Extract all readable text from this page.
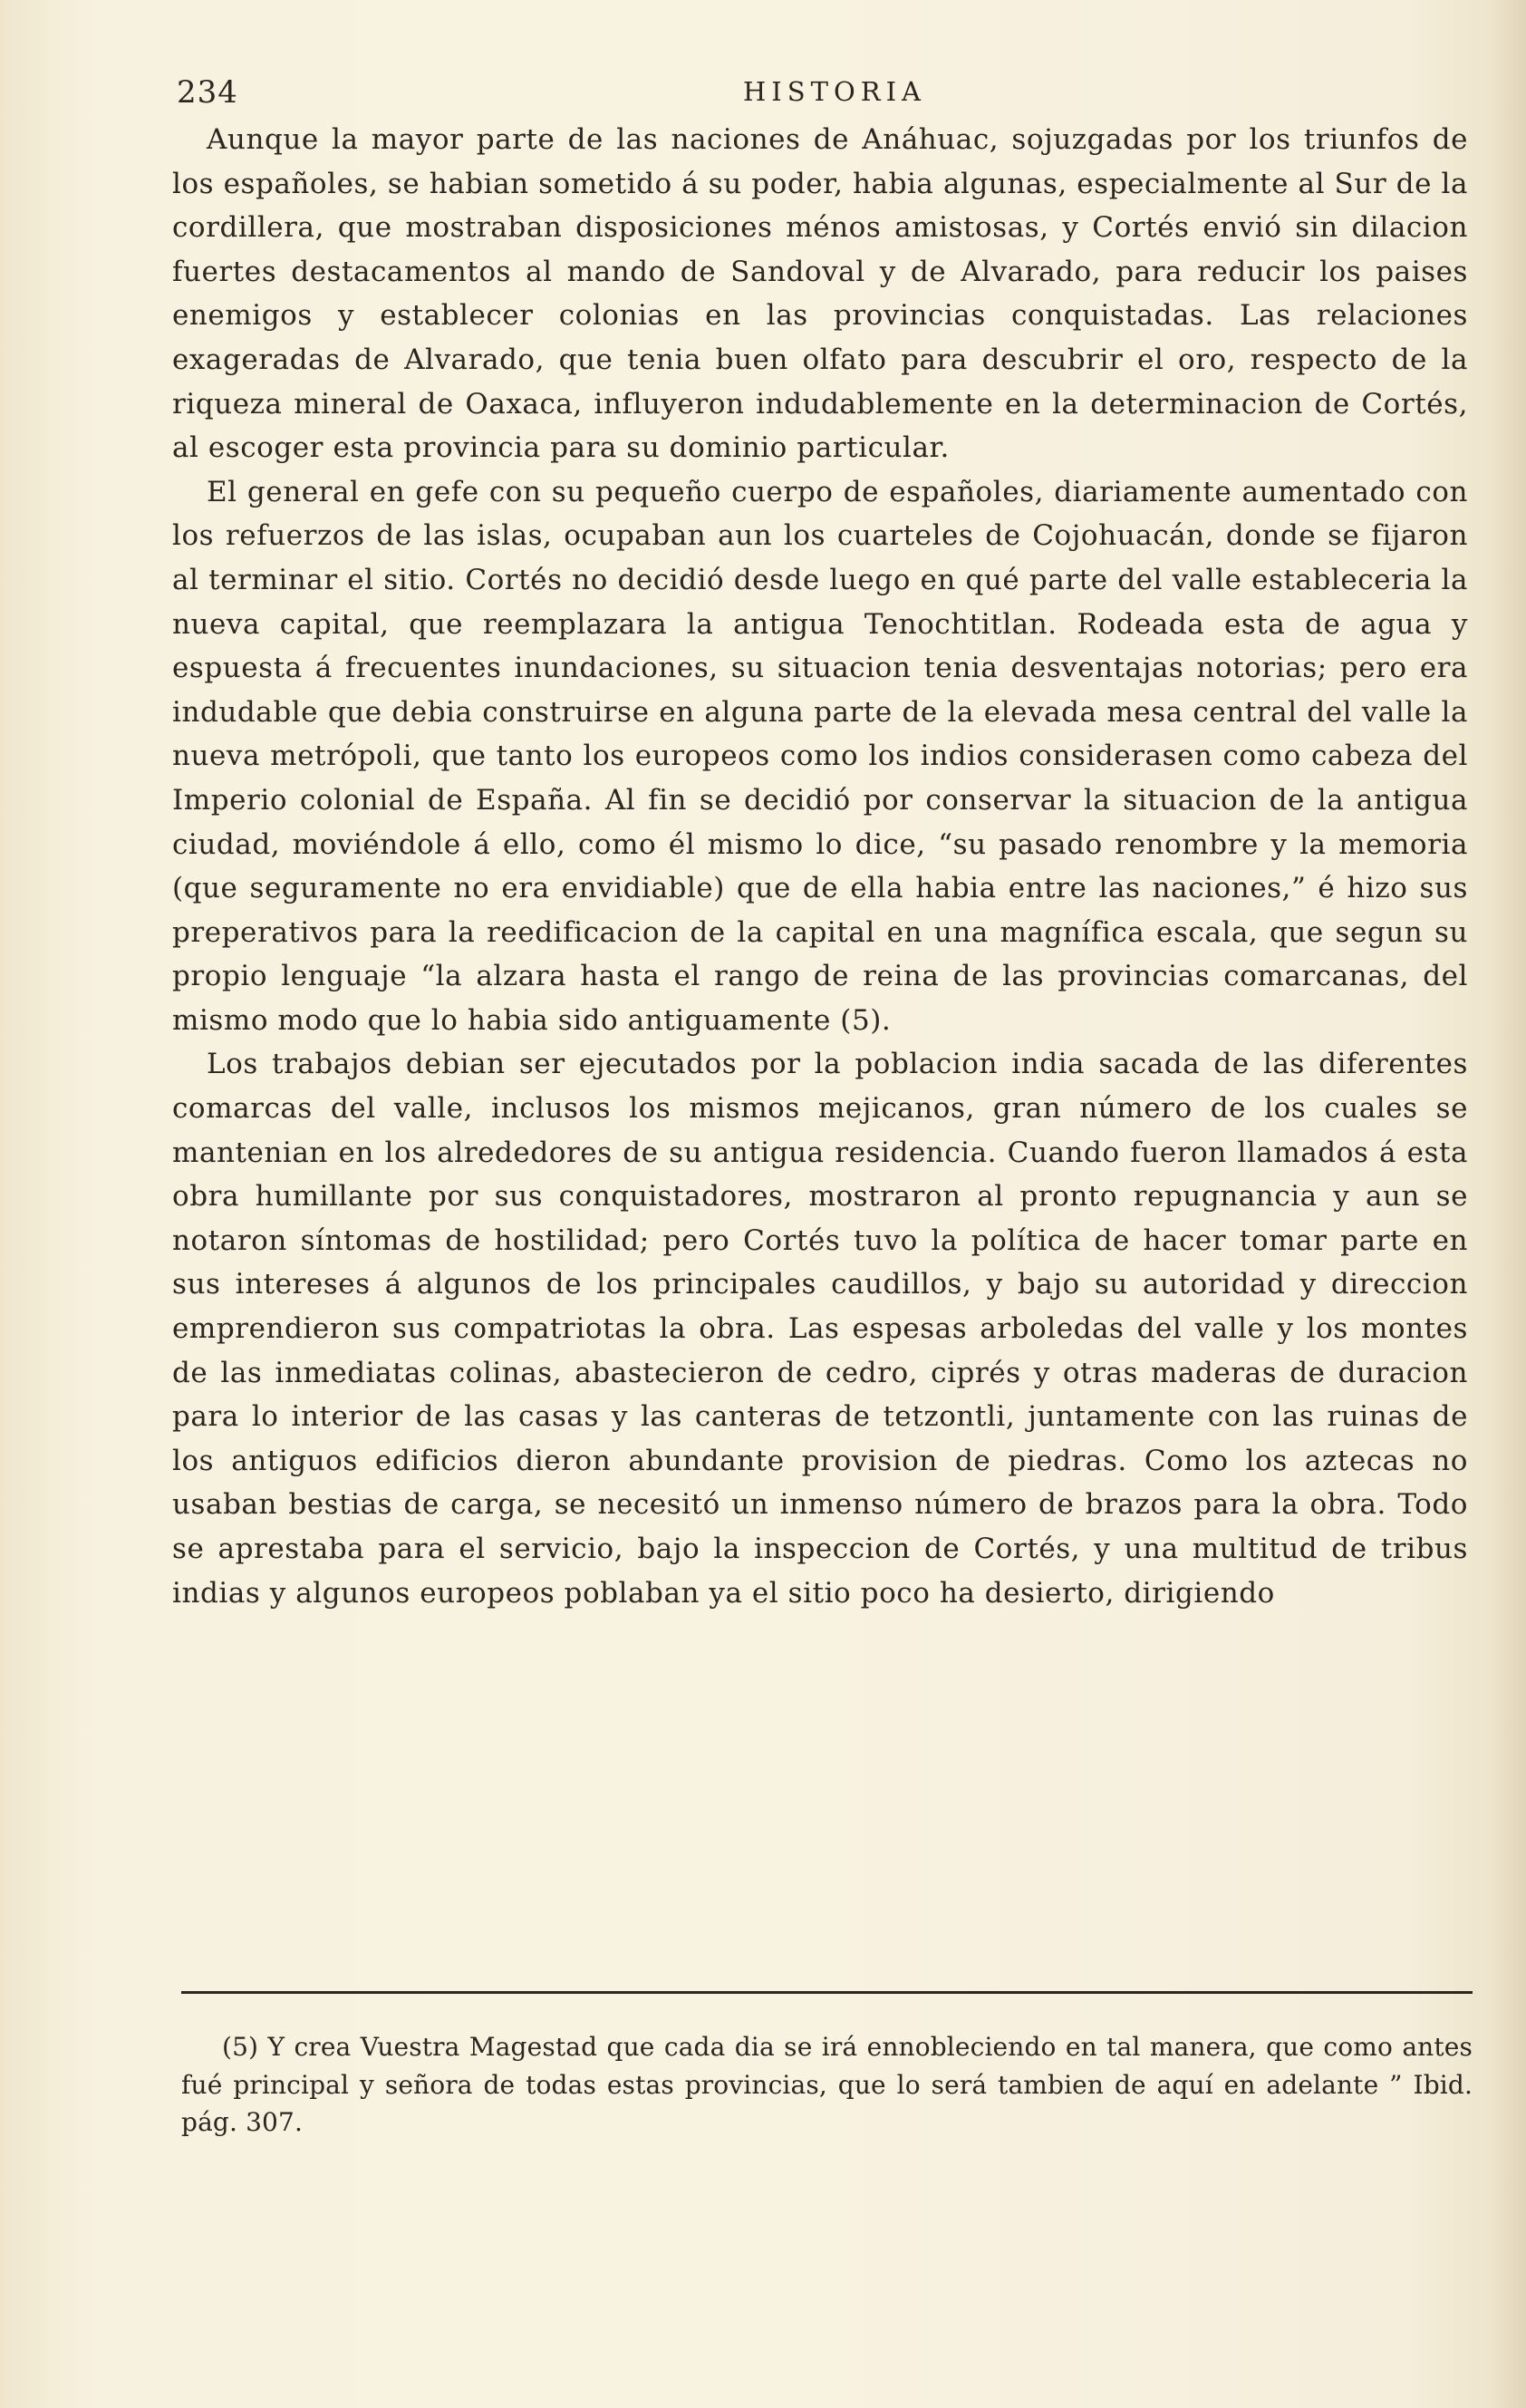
234	HISTORIA

Aunque la mayor parte de las naciones de Anáhuac, sojuzgadas por los triunfos de los españoles, se habian sometido á su poder, habia algunas, especialmente al Sur de la cordillera, que mostraban disposiciones ménos amistosas, y Cortés envió sin dilacion fuertes destacamentos al mando de Sandoval y de Alvarado, para reducir los paises enemigos y establecer colonias en las provincias conquistadas. Las relaciones exageradas de Alvarado, que tenia buen olfato para descubrir el oro, respecto de la riqueza mineral de Oaxaca, influyeron indudablemente en la determinacion de Cortés, al escoger esta provincia para su dominio particular.

El general en gefe con su pequeño cuerpo de españoles, diariamente aumentado con los refuerzos de las islas, ocupaban aun los cuarteles de Cojohuacán, donde se fijaron al terminar el sitio. Cortés no decidió desde luego en qué parte del valle estableceria la nueva capital, que reemplazara la antigua Tenochtitlan. Rodeada esta de agua y espuesta á frecuentes inundaciones, su situacion tenia desventajas notorias; pero era indudable que debia construirse en alguna parte de la elevada mesa central del valle la nueva metrópoli, que tanto los europeos como los indios considerasen como cabeza del Imperio colonial de España. Al fin se decidió por conservar la situacion de la antigua ciudad, moviéndole á ello, como él mismo lo dice, “su pasado renombre y la memoria (que seguramente no era envidiable) que de ella habia entre las naciones,” é hizo sus preperativos para la reedificacion de la capital en una magnífica escala, que segun su propio lenguaje “la alzara hasta el rango de reina de las provincias comarcanas, del mismo modo que lo habia sido antiguamente (5).

Los trabajos debian ser ejecutados por la poblacion india sacada de las diferentes comarcas del valle, inclusos los mismos mejicanos, gran número de los cuales se mantenian en los alrededores de su antigua residencia. Cuando fueron llamados á esta obra humillante por sus conquistadores, mostraron al pronto repugnancia y aun se notaron síntomas de hostilidad; pero Cortés tuvo la política de hacer tomar parte en sus intereses á algunos de los principales caudillos, y bajo su autoridad y direccion emprendieron sus compatriotas la obra. Las espesas arboledas del valle y los montes de las inmediatas colinas, abastecieron de cedro, ciprés y otras maderas de duracion para lo interior de las casas y las canteras de tetzontli, juntamente con las ruinas de los antiguos edificios dieron abundante provision de piedras. Como los aztecas no usaban bestias de carga, se necesitó un inmenso número de brazos para la obra. Todo se aprestaba para el servicio, bajo la inspeccion de Cortés, y una multitud de tribus indias y algunos europeos poblaban ya el sitio poco ha desierto, dirigiendo

(5) Y crea Vuestra Magestad que cada dia se irá ennobleciendo en tal manera, que como antes fué principal y señora de todas estas provincias, que lo será tambien de aquí en adelante ” Ibid. pág. 307.
